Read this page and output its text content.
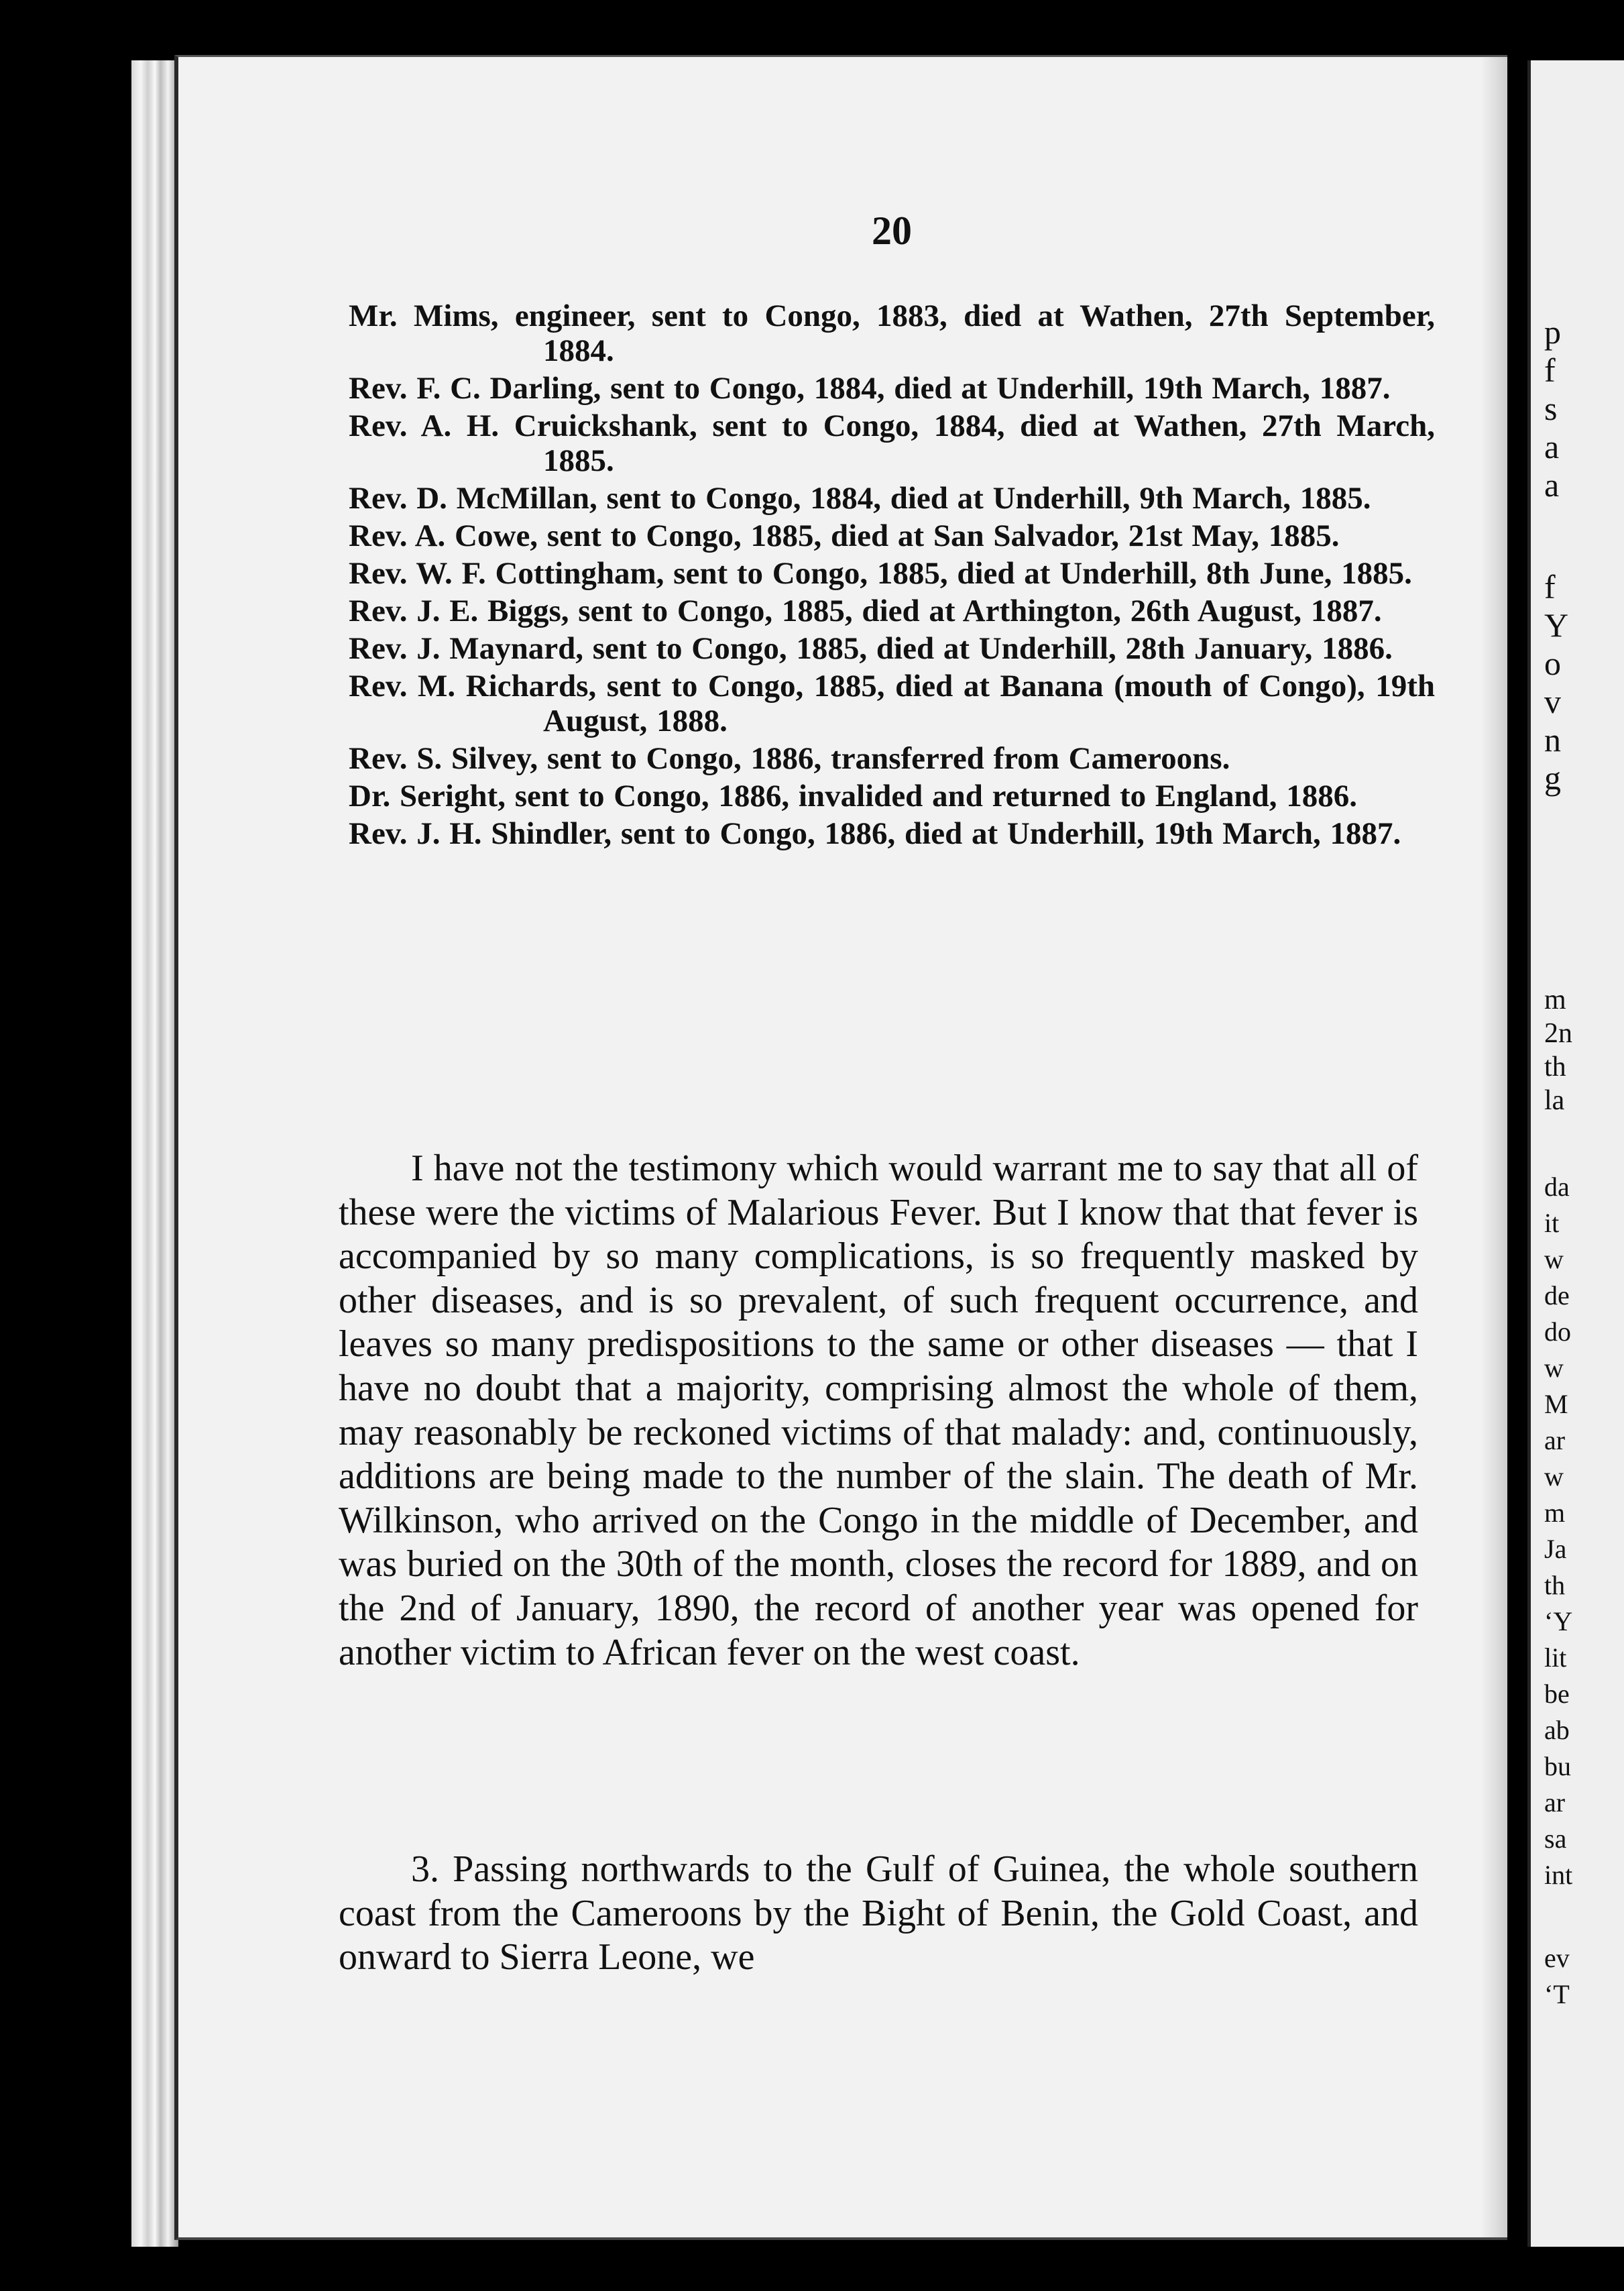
20
Mr. Mims, engineer, sent to Congo, 1883, died at Wathen, 27th September, 1884.
Rev. F. C. Darling, sent to Congo, 1884, died at Underhill, 19th March, 1887.
Rev. A. H. Cruickshank, sent to Congo, 1884, died at Wathen, 27th March, 1885.
Rev. D. McMillan, sent to Congo, 1884, died at Underhill, 9th March, 1885.
Rev. A. Cowe, sent to Congo, 1885, died at San Salvador, 21st May, 1885.
Rev. W. F. Cottingham, sent to Congo, 1885, died at Underhill, 8th June, 1885.
Rev. J. E. Biggs, sent to Congo, 1885, died at Arthington, 26th August, 1887.
Rev. J. Maynard, sent to Congo, 1885, died at Underhill, 28th January, 1886.
Rev. M. Richards, sent to Congo, 1885, died at Banana (mouth of Congo), 19th August, 1888.
Rev. S. Silvey, sent to Congo, 1886, transferred from Cameroons.
Dr. Seright, sent to Congo, 1886, invalided and returned to England, 1886.
Rev. J. H. Shindler, sent to Congo, 1886, died at Underhill, 19th March, 1887.

I have not the testimony which would warrant me to say that all of these were the victims of Malarious Fever. But I know that that fever is accompanied by so many complications, is so frequently masked by other diseases, and is so prevalent, of such frequent occurrence, and leaves so many predispositions to the same or other diseases — that I have no doubt that a majority, comprising almost the whole of them, may reasonably be reckoned victims of that malady: and, continuously, additions are being made to the number of the slain. The death of Mr. Wilkinson, who arrived on the Congo in the middle of December, and was buried on the 30th of the month, closes the record for 1889, and on the 2nd of January, 1890, the record of another year was opened for another victim to African fever on the west coast.

3. Passing northwards to the Gulf of Guinea, the whole southern coast from the Cameroons by the Bight of Benin, the Gold Coast, and onward to Sierra Leone, we

p
f
s
a
a
f
Y
o
v
n
g
m
2n
th
la
da
it
w
de
do
w
M
ar
w
m
Ja
th
‘Y
lit
be
ab
bu
ar
sa
int
ev
‘T
